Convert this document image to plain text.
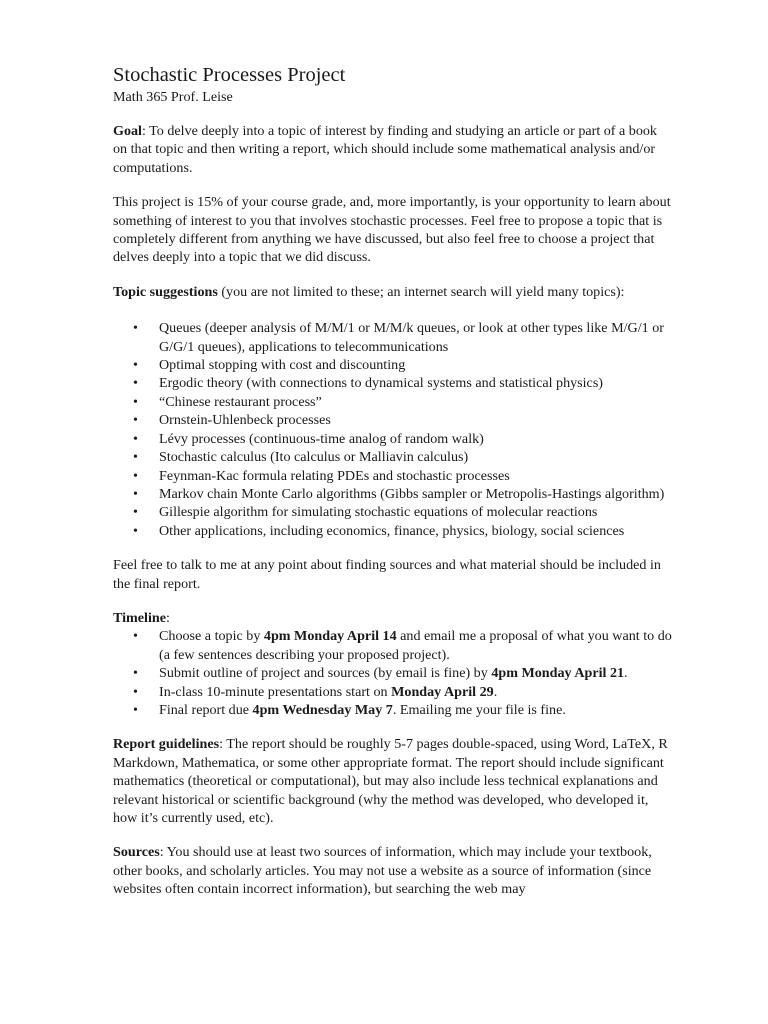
Stochastic Processes Project
Math 365 Prof. Leise

Goal: To delve deeply into a topic of interest by finding and studying an article or part of a book on that topic and then writing a report, which should include some mathematical analysis and/or computations.

This project is 15% of your course grade, and, more importantly, is your opportunity to learn about something of interest to you that involves stochastic processes. Feel free to propose a topic that is completely different from anything we have discussed, but also feel free to choose a project that delves deeply into a topic that we did discuss.

Topic suggestions (you are not limited to these; an internet search will yield many topics):

• Queues (deeper analysis of M/M/1 or M/M/k queues, or look at other types like M/G/1 or G/G/1 queues), applications to telecommunications
• Optimal stopping with cost and discounting
• Ergodic theory (with connections to dynamical systems and statistical physics)
• “Chinese restaurant process”
• Ornstein-Uhlenbeck processes
• Lévy processes (continuous-time analog of random walk)
• Stochastic calculus (Ito calculus or Malliavin calculus)
• Feynman-Kac formula relating PDEs and stochastic processes
• Markov chain Monte Carlo algorithms (Gibbs sampler or Metropolis-Hastings algorithm)
• Gillespie algorithm for simulating stochastic equations of molecular reactions
• Other applications, including economics, finance, physics, biology, social sciences

Feel free to talk to me at any point about finding sources and what material should be included in the final report.

Timeline:

• Choose a topic by 4pm Monday April 14 and email me a proposal of what you want to do (a few sentences describing your proposed project).
• Submit outline of project and sources (by email is fine) by 4pm Monday April 21.
• In-class 10-minute presentations start on Monday April 29.
• Final report due 4pm Wednesday May 7. Emailing me your file is fine.

Report guidelines: The report should be roughly 5-7 pages double-spaced, using Word, LaTeX, R Markdown, Mathematica, or some other appropriate format. The report should include significant mathematics (theoretical or computational), but may also include less technical explanations and relevant historical or scientific background (why the method was developed, who developed it, how it’s currently used, etc).

Sources: You should use at least two sources of information, which may include your textbook, other books, and scholarly articles. You may not use a website as a source of information (since websites often contain incorrect information), but searching the web may
